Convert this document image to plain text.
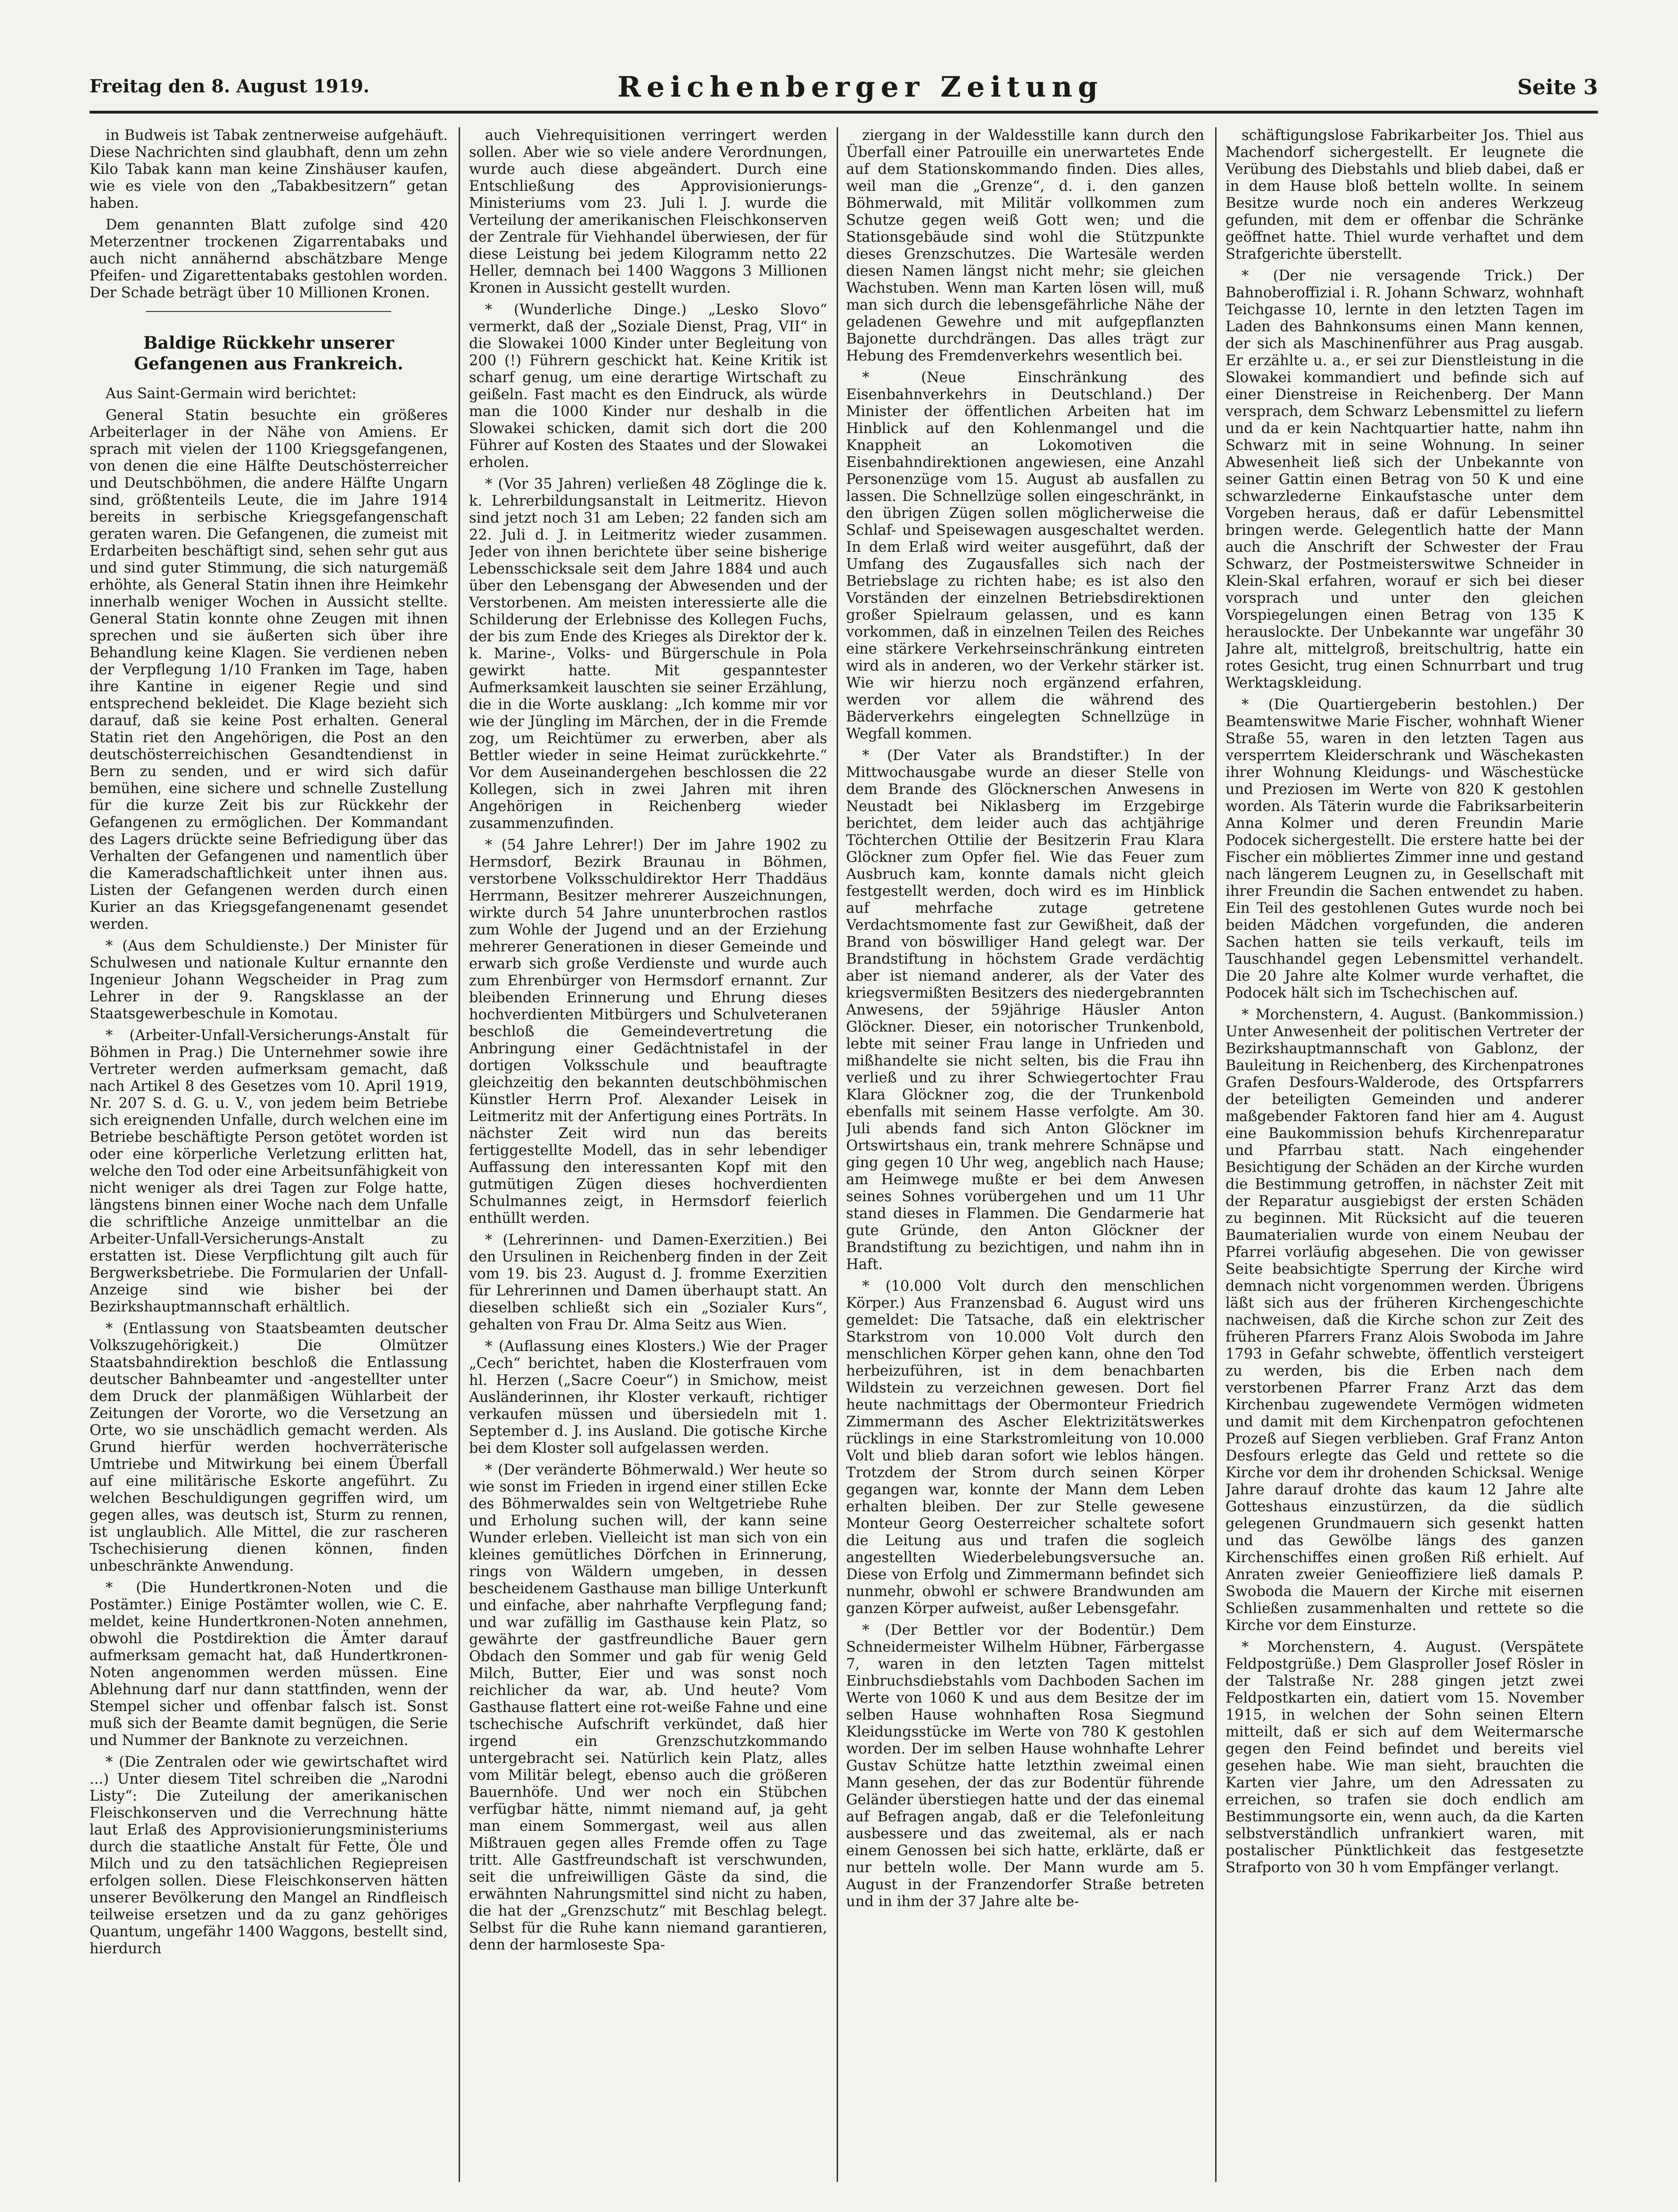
Freitag den 8. August 1919.	Reichenberger Zeitung	Seite 3

in Budweis ist Tabak zentnerweise aufgehäuft. Diese Nachrichten sind glaubhaft, denn um zehn Kilo Tabak kann man keine Zinshäuser kaufen, wie es viele von den „Tabakbesitzern“ getan haben.

Dem genannten Blatt zufolge sind 420 Meterzentner trockenen Zigarrentabaks und auch nicht annähernd abschätzbare Menge Pfeifen- und Zigarettentabaks gestohlen worden. Der Schade beträgt über 10 Millionen Kronen.

Baldige Rückkehr unserer Gefangenen aus Frankreich.

Aus Saint-Germain wird berichtet:

General Statin besuchte ein größeres Arbeiterlager in der Nähe von Amiens. Er sprach mit vielen der 1100 Kriegsgefangenen, von denen die eine Hälfte Deutschösterreicher und Deutschböhmen, die andere Hälfte Ungarn sind, größtenteils Leute, die im Jahre 1914 bereits in serbische Kriegsgefangenschaft geraten waren. Die Gefangenen, die zumeist mit Erdarbeiten beschäftigt sind, sehen sehr gut aus und sind guter Stimmung, die sich naturgemäß erhöhte, als General Statin ihnen ihre Heimkehr innerhalb weniger Wochen in Aussicht stellte. General Statin konnte ohne Zeugen mit ihnen sprechen und sie äußerten sich über ihre Behandlung keine Klagen. Sie verdienen neben der Verpflegung 1/10 Franken im Tage, haben ihre Kantine in eigener Regie und sind entsprechend bekleidet. Die Klage bezieht sich darauf, daß sie keine Post erhalten. General Statin riet den Angehörigen, die Post an den deutschösterreichischen Gesandtendienst in Bern zu senden, und er wird sich dafür bemühen, eine sichere und schnelle Zustellung für die kurze Zeit bis zur Rückkehr der Gefangenen zu ermöglichen. Der Kommandant des Lagers drückte seine Befriedigung über das Verhalten der Gefangenen und namentlich über die Kameradschaftlichkeit unter ihnen aus. Listen der Gefangenen werden durch einen Kurier an das Kriegsgefangenenamt gesendet werden.

* (Aus dem Schuldienste.) Der Minister für Schulwesen und nationale Kultur ernannte den Ingenieur Johann Wegscheider in Prag zum Lehrer in der 9. Rangsklasse an der Staatsgewerbeschule in Komotau.

* (Arbeiter-Unfall-Versicherungs-Anstalt für Böhmen in Prag.) Die Unternehmer sowie ihre Vertreter werden aufmerksam gemacht, daß nach Artikel 8 des Gesetzes vom 10. April 1919, Nr. 207 S. d. G. u. V., von jedem beim Betriebe sich ereignenden Unfalle, durch welchen eine im Betriebe beschäftigte Person getötet worden ist oder eine körperliche Verletzung erlitten hat, welche den Tod oder eine Arbeitsunfähigkeit von nicht weniger als drei Tagen zur Folge hatte, längstens binnen einer Woche nach dem Unfalle die schriftliche Anzeige unmittelbar an die Arbeiter-Unfall-Versicherungs-Anstalt zu erstatten ist. Diese Verpflichtung gilt auch für Bergwerksbetriebe. Die Formularien der Unfall-Anzeige sind wie bisher bei der Bezirkshauptmannschaft erhältlich.

* (Entlassung von Staatsbeamten deutscher Volkszugehörigkeit.) Die Olmützer Staatsbahndirektion beschloß die Entlassung deutscher Bahnbeamter und -angestellter unter dem Druck der planmäßigen Wühlarbeit der Zeitungen der Vororte, wo die Versetzung an Orte, wo sie unschädlich gemacht werden. Als Grund hierfür werden hochverräterische Umtriebe und Mitwirkung bei einem Überfall auf eine militärische Eskorte angeführt. Zu welchen Beschuldigungen gegriffen wird, um gegen alles, was deutsch ist, Sturm zu rennen, ist unglaublich. Alle Mittel, die zur rascheren Tschechisierung dienen können, finden unbeschränkte Anwendung.

* (Die Hundertkronen-Noten und die Postämter.) Einige Postämter wollen, wie C. E. meldet, keine Hundertkronen-Noten annehmen, obwohl die Postdirektion die Ämter darauf aufmerksam gemacht hat, daß Hundertkronen-Noten angenommen werden müssen. Eine Ablehnung darf nur dann stattfinden, wenn der Stempel sicher und offenbar falsch ist. Sonst muß sich der Beamte damit begnügen, die Serie und Nummer der Banknote zu verzeichnen.

* (Die Zentralen oder wie gewirtschaftet wird ...) Unter diesem Titel schreiben die „Narodni Listy“: Die Zuteilung der amerikanischen Fleischkonserven und die Verrechnung hätte laut Erlaß des Approvisionierungsministeriums durch die staatliche Anstalt für Fette, Öle und Milch und zu den tatsächlichen Regiepreisen erfolgen sollen. Diese Fleischkonserven hätten unserer Bevölkerung den Mangel an Rindfleisch teilweise ersetzen und da zu ganz gehöriges Quantum, ungefähr 1400 Waggons, bestellt sind, hierdurch

auch Viehrequisitionen verringert werden sollen. Aber wie so viele andere Verordnungen, wurde auch diese abgeändert. Durch eine Entschließung des Approvisionierungs-Ministeriums vom 23. Juli l. J. wurde die Verteilung der amerikanischen Fleischkonserven der Zentrale für Viehhandel überwiesen, der für diese Leistung bei jedem Kilogramm netto 22 Heller, demnach bei 1400 Waggons 3 Millionen Kronen in Aussicht gestellt wurden.

* (Wunderliche Dinge.) „Lesko Slovo“ vermerkt, daß der „Soziale Dienst, Prag, VII“ in die Slowakei 1000 Kinder unter Begleitung von 200 (!) Führern geschickt hat. Keine Kritik ist scharf genug, um eine derartige Wirtschaft zu geißeln. Fast macht es den Eindruck, als würde man die 1000 Kinder nur deshalb in die Slowakei schicken, damit sich dort die 200 Führer auf Kosten des Staates und der Slowakei erholen.

* (Vor 35 Jahren) verließen 48 Zöglinge die k. k. Lehrerbildungsanstalt in Leitmeritz. Hievon sind jetzt noch 31 am Leben; 22 fanden sich am 22. Juli d. J. in Leitmeritz wieder zusammen. Jeder von ihnen berichtete über seine bisherige Lebensschicksale seit dem Jahre 1884 und auch über den Lebensgang der Abwesenden und der Verstorbenen. Am meisten interessierte alle die Schilderung der Erlebnisse des Kollegen Fuchs, der bis zum Ende des Krieges als Direktor der k. k. Marine-, Volks- und Bürgerschule in Pola gewirkt hatte. Mit gespanntester Aufmerksamkeit lauschten sie seiner Erzählung, die in die Worte ausklang: „Ich komme mir vor wie der Jüngling im Märchen, der in die Fremde zog, um Reichtümer zu erwerben, aber als Bettler wieder in seine Heimat zurückkehrte.“ Vor dem Auseinandergehen beschlossen die 22 Kollegen, sich in zwei Jahren mit ihren Angehörigen in Reichenberg wieder zusammenzufinden.

* (54 Jahre Lehrer!) Der im Jahre 1902 zu Hermsdorf, Bezirk Braunau in Böhmen, verstorbene Volksschuldirektor Herr Thaddäus Herrmann, Besitzer mehrerer Auszeichnungen, wirkte durch 54 Jahre ununterbrochen rastlos zum Wohle der Jugend und an der Erziehung mehrerer Generationen in dieser Gemeinde und erwarb sich große Verdienste und wurde auch zum Ehrenbürger von Hermsdorf ernannt. Zur bleibenden Erinnerung und Ehrung dieses hochverdienten Mitbürgers und Schulveteranen beschloß die Gemeindevertretung die Anbringung einer Gedächtnistafel in der dortigen Volksschule und beauftragte gleichzeitig den bekannten deutschböhmischen Künstler Herrn Prof. Alexander Leisek in Leitmeritz mit der Anfertigung eines Porträts. In nächster Zeit wird nun das bereits fertiggestellte Modell, das in sehr lebendiger Auffassung den interessanten Kopf mit den gutmütigen Zügen dieses hochverdienten Schulmannes zeigt, in Hermsdorf feierlich enthüllt werden.

* (Lehrerinnen- und Damen-Exerzitien.) Bei den Ursulinen in Reichenberg finden in der Zeit vom 19. bis 23. August d. J. fromme Exerzitien für Lehrerinnen und Damen überhaupt statt. An dieselben schließt sich ein „Sozialer Kurs“, gehalten von Frau Dr. Alma Seitz aus Wien.

* (Auflassung eines Klosters.) Wie der Prager „Cech“ berichtet, haben die Klosterfrauen vom hl. Herzen („Sacre Coeur“) in Smichow, meist Ausländerinnen, ihr Kloster verkauft, richtiger verkaufen müssen und übersiedeln mit 1. September d. J. ins Ausland. Die gotische Kirche bei dem Kloster soll aufgelassen werden.

* (Der veränderte Böhmerwald.) Wer heute so wie sonst im Frieden in irgend einer stillen Ecke des Böhmerwaldes sein von Weltgetriebe Ruhe und Erholung suchen will, der kann seine Wunder erleben. Vielleicht ist man sich von ein kleines gemütliches Dörfchen in Erinnerung, rings von Wäldern umgeben, in dessen bescheidenem Gasthause man billige Unterkunft und einfache, aber nahrhafte Verpflegung fand; und war zufällig im Gasthause kein Platz, so gewährte der gastfreundliche Bauer gern Obdach den Sommer und gab für wenig Geld Milch, Butter, Eier und was sonst noch reichlicher da war, ab. Und heute? Vom Gasthause flattert eine rot-weiße Fahne und eine tschechische Aufschrift verkündet, daß hier irgend ein Grenzschutzkommando untergebracht sei. Natürlich kein Platz, alles vom Militär belegt, ebenso auch die größeren Bauernhöfe. Und wer noch ein Stübchen verfügbar hätte, nimmt niemand auf, ja geht man einem Sommergast, weil aus allen Mißtrauen gegen alles Fremde offen zu Tage tritt. Alle Gastfreundschaft ist verschwunden, seit die unfreiwilligen Gäste da sind, die erwähnten Nahrungsmittel sind nicht zu haben, die hat der „Grenzschutz“ mit Beschlag belegt. Selbst für die Ruhe kann niemand garantieren, denn der harmloseste Spa-

ziergang in der Waldesstille kann durch den Überfall einer Patrouille ein unerwartetes Ende auf dem Stationskommando finden. Dies alles, weil man die „Grenze“, d. i. den ganzen Böhmerwald, mit Militär vollkommen zum Schutze gegen weiß Gott wen; und die Stationsgebäude sind wohl die Stützpunkte dieses Grenzschutzes. Die Wartesäle werden diesen Namen längst nicht mehr; sie gleichen Wachstuben. Wenn man Karten lösen will, muß man sich durch die lebensgefährliche Nähe der geladenen Gewehre und mit aufgepflanzten Bajonette durchdrängen. Das alles trägt zur Hebung des Fremdenverkehrs wesentlich bei.

* (Neue Einschränkung des Eisenbahnverkehrs in Deutschland.) Der Minister der öffentlichen Arbeiten hat im Hinblick auf den Kohlenmangel und die Knappheit an Lokomotiven die Eisenbahndirektionen angewiesen, eine Anzahl Personenzüge vom 15. August ab ausfallen zu lassen. Die Schnellzüge sollen eingeschränkt, in den übrigen Zügen sollen möglicherweise die Schlaf- und Speisewagen ausgeschaltet werden. In dem Erlaß wird weiter ausgeführt, daß der Umfang des Zugausfalles sich nach der Betriebslage zu richten habe; es ist also den Vorständen der einzelnen Betriebsdirektionen großer Spielraum gelassen, und es kann vorkommen, daß in einzelnen Teilen des Reiches eine stärkere Verkehrseinschränkung eintreten wird als in anderen, wo der Verkehr stärker ist. Wie wir hierzu noch ergänzend erfahren, werden vor allem die während des Bäderverkehrs eingelegten Schnellzüge in Wegfall kommen.

* (Der Vater als Brandstifter.) In der Mittwochausgabe wurde an dieser Stelle von dem Brande des Glöcknerschen Anwesens in Neustadt bei Niklasberg im Erzgebirge berichtet, dem leider auch das achtjährige Töchterchen Ottilie der Besitzerin Frau Klara Glöckner zum Opfer fiel. Wie das Feuer zum Ausbruch kam, konnte damals nicht gleich festgestellt werden, doch wird es im Hinblick auf mehrfache zutage getretene Verdachtsmomente fast zur Gewißheit, daß der Brand von böswilliger Hand gelegt war. Der Brandstiftung in höchstem Grade verdächtig aber ist niemand anderer, als der Vater des kriegsvermißten Besitzers des niedergebrannten Anwesens, der 59jährige Häusler Anton Glöckner. Dieser, ein notorischer Trunkenbold, lebte mit seiner Frau lange in Unfrieden und mißhandelte sie nicht selten, bis die Frau ihn verließ und zu ihrer Schwiegertochter Frau Klara Glöckner zog, die der Trunkenbold ebenfalls mit seinem Hasse verfolgte. Am 30. Juli abends fand sich Anton Glöckner im Ortswirtshaus ein, trank mehrere Schnäpse und ging gegen 10 Uhr weg, angeblich nach Hause; am Heimwege mußte er bei dem Anwesen seines Sohnes vorübergehen und um 11 Uhr stand dieses in Flammen. Die Gendarmerie hat gute Gründe, den Anton Glöckner der Brandstiftung zu bezichtigen, und nahm ihn in Haft.

* (10.000 Volt durch den menschlichen Körper.) Aus Franzensbad 6. August wird uns gemeldet: Die Tatsache, daß ein elektrischer Starkstrom von 10.000 Volt durch den menschlichen Körper gehen kann, ohne den Tod herbeizuführen, ist in dem benachbarten Wildstein zu verzeichnen gewesen. Dort fiel heute nachmittags der Obermonteur Friedrich Zimmermann des Ascher Elektrizitätswerkes rücklings in eine Starkstromleitung von 10.000 Volt und blieb daran sofort wie leblos hängen. Trotzdem der Strom durch seinen Körper gegangen war, konnte der Mann dem Leben erhalten bleiben. Der zur Stelle gewesene Monteur Georg Oesterreicher schaltete sofort die Leitung aus und trafen die sogleich angestellten Wiederbelebungsversuche an. Diese von Erfolg und Zimmermann befindet sich nunmehr, obwohl er schwere Brandwunden am ganzen Körper aufweist, außer Lebensgefahr.

* (Der Bettler vor der Bodentür.) Dem Schneidermeister Wilhelm Hübner, Färbergasse 7, waren in den letzten Tagen mittelst Einbruchsdiebstahls vom Dachboden Sachen im Werte von 1060 K und aus dem Besitze der im selben Hause wohnhaften Rosa Siegmund Kleidungsstücke im Werte von 780 K gestohlen worden. Der im selben Hause wohnhafte Lehrer Gustav Schütze hatte letzthin zweimal einen Mann gesehen, der das zur Bodentür führende Geländer überstiegen hatte und der das einemal auf Befragen angab, daß er die Telefonleitung ausbessere und das zweitemal, als er nach einem Genossen bei sich hatte, erklärte, daß er nur betteln wolle. Der Mann wurde am 5. August in der Franzendorfer Straße betreten und in ihm der 37 Jahre alte be-

schäftigungslose Fabrikarbeiter Jos. Thiel aus Machendorf sichergestellt. Er leugnete die Verübung des Diebstahls und blieb dabei, daß er in dem Hause bloß betteln wollte. In seinem Besitze wurde noch ein anderes Werkzeug gefunden, mit dem er offenbar die Schränke geöffnet hatte. Thiel wurde verhaftet und dem Strafgerichte überstellt.

* (Der nie versagende Trick.) Der Bahnoberoffizial i. R. Johann Schwarz, wohnhaft Teichgasse 10, lernte in den letzten Tagen im Laden des Bahnkonsums einen Mann kennen, der sich als Maschinenführer aus Prag ausgab. Er erzählte u. a., er sei zur Dienstleistung in die Slowakei kommandiert und befinde sich auf einer Dienstreise in Reichenberg. Der Mann versprach, dem Schwarz Lebensmittel zu liefern und da er kein Nachtquartier hatte, nahm ihn Schwarz mit in seine Wohnung. In seiner Abwesenheit ließ sich der Unbekannte von seiner Gattin einen Betrag von 50 K und eine schwarzlederne Einkaufstasche unter dem Vorgeben heraus, daß er dafür Lebensmittel bringen werde. Gelegentlich hatte der Mann auch die Anschrift der Schwester der Frau Schwarz, der Postmeisterswitwe Schneider in Klein-Skal erfahren, worauf er sich bei dieser vorsprach und unter den gleichen Vorspiegelungen einen Betrag von 135 K herauslockte. Der Unbekannte war ungefähr 30 Jahre alt, mittelgroß, breitschultrig, hatte ein rotes Gesicht, trug einen Schnurrbart und trug Werktagskleidung.

* (Die Quartiergeberin bestohlen.) Der Beamtenswitwe Marie Fischer, wohnhaft Wiener Straße 55, waren in den letzten Tagen aus versperrtem Kleiderschrank und Wäschekasten ihrer Wohnung Kleidungs- und Wäschestücke und Preziosen im Werte von 820 K gestohlen worden. Als Täterin wurde die Fabriksarbeiterin Anna Kolmer und deren Freundin Marie Podocek sichergestellt. Die erstere hatte bei der Fischer ein möbliertes Zimmer inne und gestand nach längerem Leugnen zu, in Gesellschaft mit ihrer Freundin die Sachen entwendet zu haben. Ein Teil des gestohlenen Gutes wurde noch bei beiden Mädchen vorgefunden, die anderen Sachen hatten sie teils verkauft, teils im Tauschhandel gegen Lebensmittel verhandelt. Die 20 Jahre alte Kolmer wurde verhaftet, die Podocek hält sich im Tschechischen auf.

* Morchenstern, 4. August. (Bankommission.) Unter Anwesenheit der politischen Vertreter der Bezirkshauptmannschaft von Gablonz, der Bauleitung in Reichenberg, des Kirchenpatrones Grafen Desfours-Walderode, des Ortspfarrers der beteiligten Gemeinden und anderer maßgebender Faktoren fand hier am 4. August eine Baukommission behufs Kirchenreparatur und Pfarrbau statt. Nach eingehender Besichtigung der Schäden an der Kirche wurden die Bestimmung getroffen, in nächster Zeit mit der Reparatur ausgiebigst der ersten Schäden zu beginnen. Mit Rücksicht auf die teueren Baumaterialien wurde von einem Neubau der Pfarrei vorläufig abgesehen. Die von gewisser Seite beabsichtigte Sperrung der Kirche wird demnach nicht vorgenommen werden. Übrigens läßt sich aus der früheren Kirchengeschichte nachweisen, daß die Kirche schon zur Zeit des früheren Pfarrers Franz Alois Swoboda im Jahre 1793 in Gefahr schwebte, öffentlich versteigert zu werden, bis die Erben nach dem verstorbenen Pfarrer Franz Arzt das dem Kirchenbau zugewendete Vermögen widmeten und damit mit dem Kirchenpatron gefochtenen Prozeß auf Siegen verblieben. Graf Franz Anton Desfours erlegte das Geld und rettete so die Kirche vor dem ihr drohenden Schicksal. Wenige Jahre darauf drohte das kaum 12 Jahre alte Gotteshaus einzustürzen, da die südlich gelegenen Grundmauern sich gesenkt hatten und das Gewölbe längs des ganzen Kirchenschiffes einen großen Riß erhielt. Auf Anraten zweier Genieoffiziere ließ damals P. Swoboda die Mauern der Kirche mit eisernen Schließen zusammenhalten und rettete so die Kirche vor dem Einsturze.

* Morchenstern, 4. August. (Verspätete Feldpostgrüße.) Dem Glasproller Josef Rösler in der Talstraße Nr. 288 gingen jetzt zwei Feldpostkarten ein, datiert vom 15. November 1915, in welchen der Sohn seinen Eltern mitteilt, daß er sich auf dem Weitermarsche gegen den Feind befindet und bereits viel gesehen habe. Wie man sieht, brauchten die Karten vier Jahre, um den Adressaten zu erreichen, so trafen sie doch endlich am Bestimmungsorte ein, wenn auch, da die Karten selbstverständlich unfrankiert waren, mit postalischer Pünktlichkeit das festgesetzte Strafporto von 30 h vom Empfänger verlangt.
